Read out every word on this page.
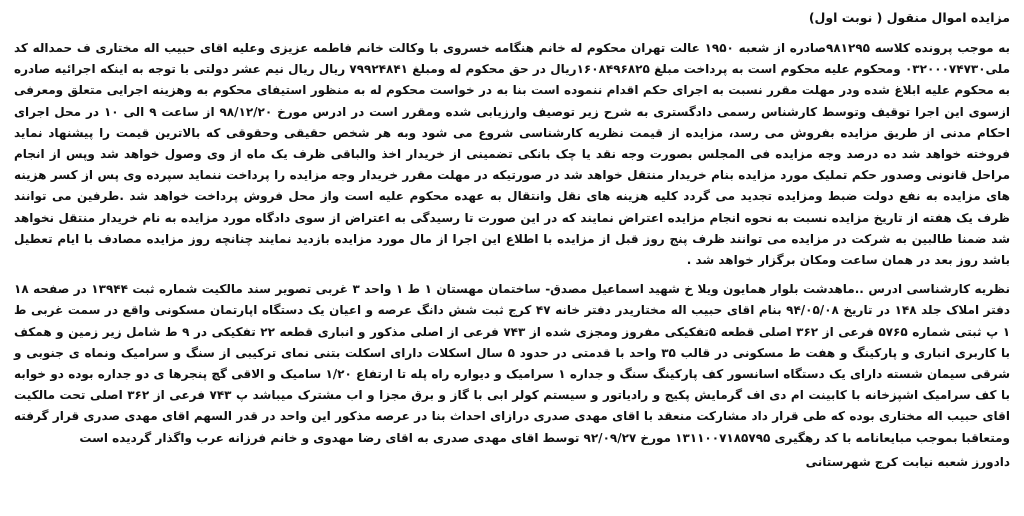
مزایده اموال منقول ( نوبت اول)

به موجب پرونده کلاسه ۹۸۱۲۹۵صادره از شعبه ۱۹۵۰ عالت تهران محکوم له خانم هنگامه خسروی با وکالت خانم فاطمه عزیزی وعلیه اقای حبیب اله مختاری ف حمداله کد ملی۰۳۲۰۰۰۷۴۷۳۰ ومحکوم علیه محکوم است به پرداخت مبلغ ۱۶۰۸۴۹۶۸۲۵ریال در حق محکوم له ومبلغ ۷۹۹۲۴۸۴۱ ریال ریال نیم عشر دولتی با توجه به اینکه اجرائیه صادره به محکوم علیه ابلاغ شده ودر مهلت مقرر نسبت به اجرای حکم اقدام ننموده است بنا به در خواست محکوم له به منظور استیفای محکوم به وهزینه اجرایی متعلق ومعرفی ازسوی این اجرا توقیف وتوسط کارشناس رسمی دادگستری به شرح زیر توصیف وارزیابی شده ومقرر است در ادرس مورخ ۹۸/۱۲/۲۰ از ساعت ۹ الی ۱۰ در محل اجرای احکام مدنی از طریق مزایده بفروش می رسد، مزایده از قیمت نظریه کارشناسی شروع می شود وبه هر شخص حقیقی وحقوقی که بالاترین قیمت را پیشنهاد نماید فروخته خواهد شد ده درصد وجه مزایده فی المجلس بصورت وجه نقد یا چک بانکی تضمینی از خریدار اخذ والباقی ظرف یک ماه از وی وصول خواهد شد وپس از انجام مراحل قانونی وصدور حکم تملیک مورد مزایده بنام خریدار منتقل خواهد شد در صورتیکه در مهلت مقرر خریدار وجه مزایده را پرداخت ننماید سپرده وی پس از کسر هزینه های مزایده به نفع دولت ضبط ومزایده تجدید می گردد کلیه هزینه های نقل وانتقال به عهده محکوم علیه است واز محل فروش پرداخت خواهد شد .طرفین می توانند ظرف یک هفته از تاریخ مزایده نسبت به نحوه انجام مزایده اعتراض نمایند که در این صورت تا رسیدگی به اعتراض از سوی دادگاه مورد مزایده به نام خریدار منتقل نخواهد شد ضمنا طالبین به شرکت در مزایده می توانند ظرف پنج روز قبل از مزایده با اطلاع این اجرا از مال مورد مزایده بازدید نمایند چنانچه روز مزایده مصادف با ایام تعطیل باشد روز بعد در همان ساعت ومکان برگزار خواهد شد .

نظریه کارشناسی ادرس ..ماهدشت بلوار همایون ویلا خ شهید اسماعیل مصدق- ساختمان مهستان ۱ ط ۱ واحد ۳ غربی تصویر سند مالکیت شماره ثبت ۱۳۹۴۴ در صفحه ۱۸ دفتر املاک جلد ۱۴۸ در تاریخ ۹۴/۰۵/۰۸ بنام اقای حبیب اله مختاریدر دفتر خانه ۴۷ کرج ثبت شش دانگ عرصه و اعیان یک دستگاه اپارتمان مسکونی واقع در سمت غربی ط ۱ پ ثبتی شماره ۵۷۶۵ فرعی از ۳۶۲ اصلی قطعه ۵تفکیکی مفروز ومجزی شده از ۷۴۳ فرعی از اصلی مذکور و انباری قطعه ۲۲ تفکیکی در ۹ ط شامل زیر زمین و همکف با کاربری انباری و پارکینگ و هفت ط مسکونی در قالب ۳۵ واحد با قدمتی در حدود ۵ سال اسکلات دارای اسکلت بتنی نمای ترکیبی از سنگ و سرامیک ونماه ی جنوبی و شرقی سیمان شسته دارای یک دستگاه اسانسور کف پارکینگ سنگ و جداره ۱ سرامیک و دیواره راه پله تا ارتفاع ۱/۲۰ سامیک و الاقی گچ پنجرها ی دو جداره بوده دو خوابه با کف سرامیک اشپزخانه با کابینت ام دی اف گرمایش پکیج و رادیاتور و سیستم کولر ابی با گاز و برق مجزا و اب مشترک میباشد پ ۷۴۳ فرعی از ۳۶۲ اصلی تحت مالکیت اقای حبیب اله مختاری بوده که طی قرار داد مشارکت منعقد با اقای مهدی صدری درازای احداث بنا در عرصه مذکور این واحد در قدر السهم اقای مهدی صدری قرار گرفته ومتعاقبا بموجب مبایعانامه با کد رهگیری ۱۳۱۱۰۰۷۱۸۵۷۹۵ مورخ ۹۲/۰۹/۲۷ توسط اقای مهدی صدری به اقای رضا مهدوی و خانم فرزانه عرب واگذار گردیده است

دادورز شعبه نیابت کرج شهرستانی
